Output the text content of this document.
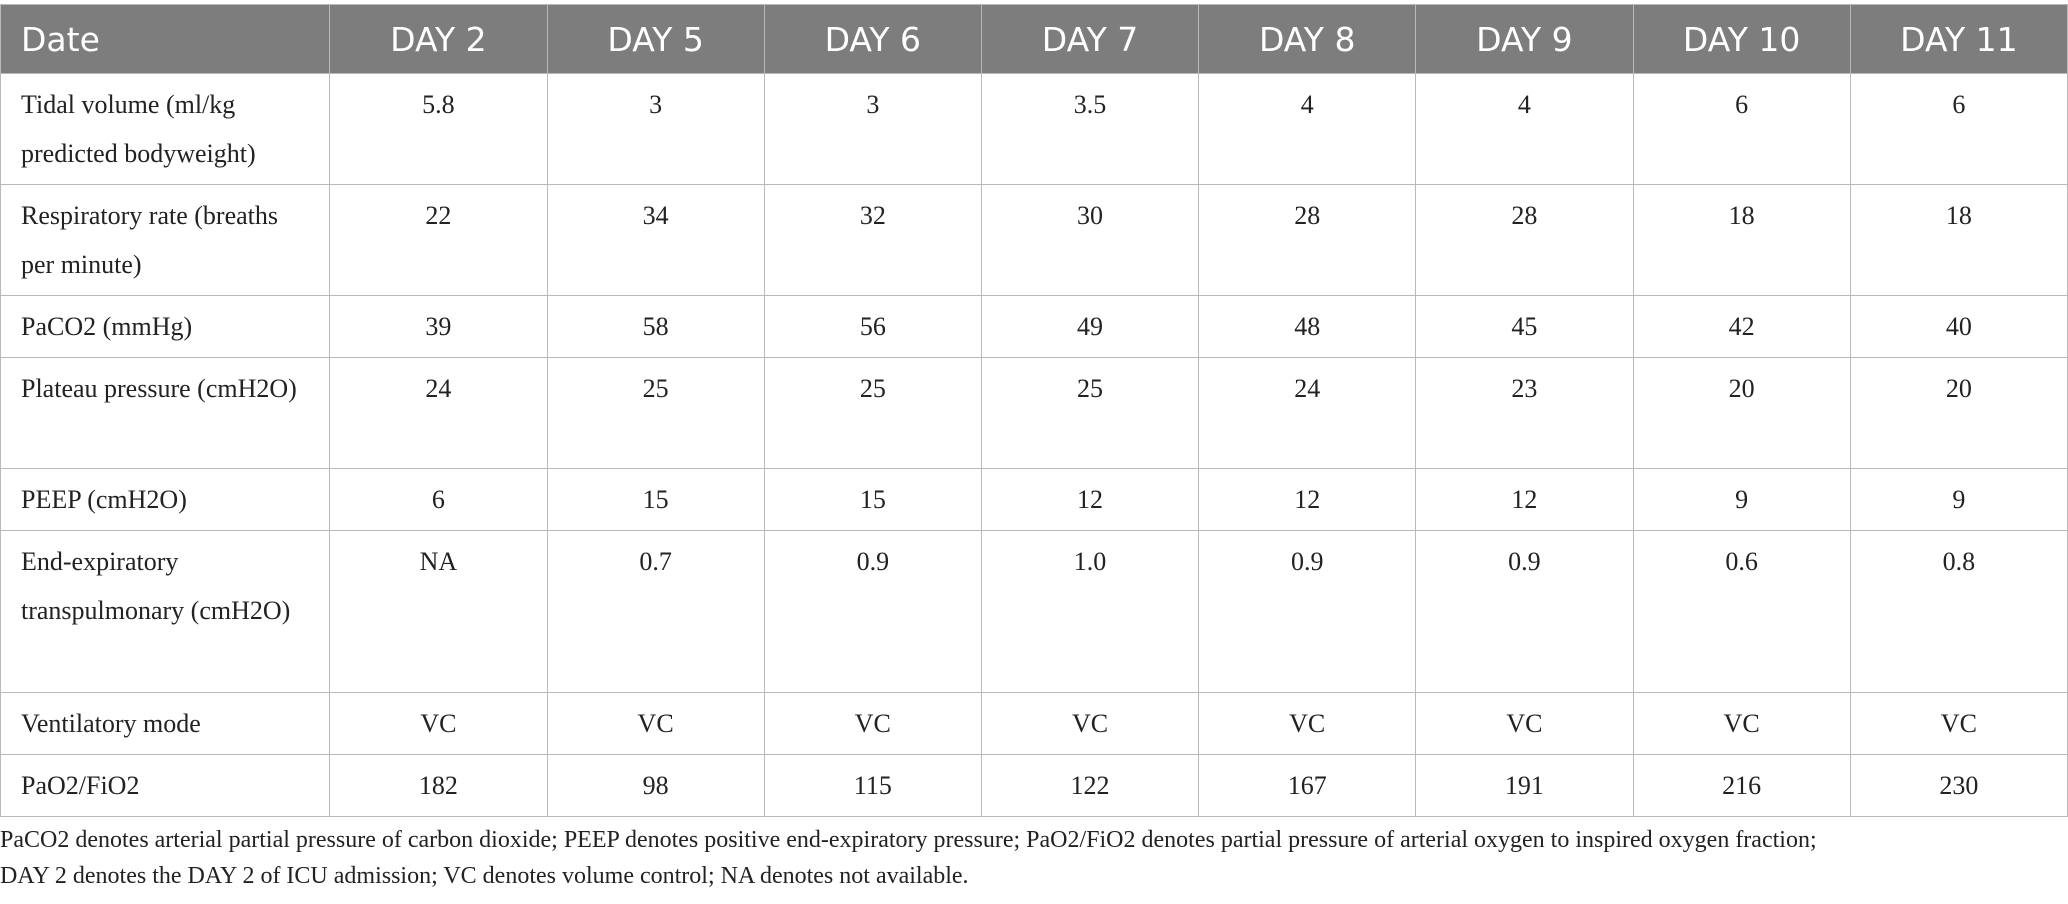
Date	DAY 2	DAY 5	DAY 6	DAY 7	DAY 8	DAY 9	DAY 10	DAY 11
Tidal volume (ml/kg predicted bodyweight)	5.8	3	3	3.5	4	4	6	6
Respiratory rate (breaths per minute)	22	34	32	30	28	28	18	18
PaCO2 (mmHg)	39	58	56	49	48	45	42	40
Plateau pressure (cmH2O)	24	25	25	25	24	23	20	20
PEEP (cmH2O)	6	15	15	12	12	12	9	9
End-expiratory transpulmonary (cmH2O)	NA	0.7	0.9	1.0	0.9	0.9	0.6	0.8
Ventilatory mode	VC	VC	VC	VC	VC	VC	VC	VC
PaO2/FiO2	182	98	115	122	167	191	216	230
PaCO2 denotes arterial partial pressure of carbon dioxide; PEEP denotes positive end-expiratory pressure; PaO2/FiO2 denotes partial pressure of arterial oxygen to inspired oxygen fraction;
DAY 2 denotes the DAY 2 of ICU admission; VC denotes volume control; NA denotes not available.
